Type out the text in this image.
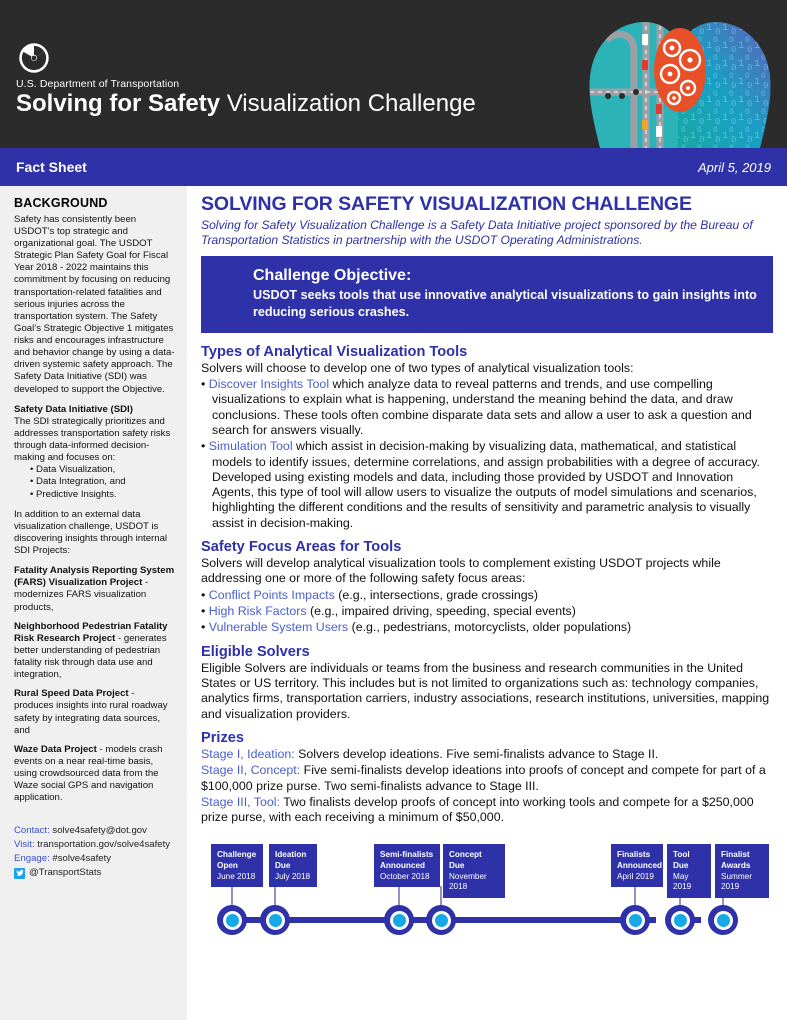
U.S. Department of Transportation
Solving for Safety Visualization Challenge
Fact Sheet	April 5, 2019
BACKGROUND
Safety has consistently been USDOT’s top strategic and organizational goal. The USDOT Strategic Plan Safety Goal for Fiscal Year 2018 - 2022 maintains this commitment by focusing on reducing transportation-related fatalities and serious injuries across the transportation system. The Safety Goal’s Strategic Objective 1 mitigates risks and encourages infrastructure and behavior change by using a data-driven systemic safety approach. The Safety Data Initiative (SDI) was developed to support the Objective.
Safety Data Initiative (SDI)
The SDI strategically prioritizes and addresses transportation safety risks through data-informed decision-making and focuses on:
• Data Visualization,
• Data Integration, and
• Predictive Insights.
In addition to an external data visualization challenge, USDOT is discovering insights through internal SDI Projects:
Fatality Analysis Reporting System (FARS) Visualization Project - modernizes FARS visualization products,
Neighborhood Pedestrian Fatality Risk Research Project - generates better understanding of pedestrian fatality risk through data use and integration,
Rural Speed Data Project - produces insights into rural roadway safety by integrating data sources, and
Waze Data Project - models crash events on a near real-time basis, using crowdsourced data from the Waze social GPS and navigation application.
Contact: solve4safety@dot.gov
Visit: transportation.gov/solve4safety
Engage: #solve4safety
@TransportStats
SOLVING FOR SAFETY VISUALIZATION CHALLENGE
Solving for Safety Visualization Challenge is a Safety Data Initiative project sponsored by the Bureau of Transportation Statistics in partnership with the USDOT Operating Administrations.
Challenge Objective:
USDOT seeks tools that use innovative analytical visualizations to gain insights into reducing serious crashes.
Types of Analytical Visualization Tools
Solvers will choose to develop one of two types of analytical visualization tools:
• Discover Insights Tool which analyze data to reveal patterns and trends, and use compelling visualizations to explain what is happening, understand the meaning behind the data, and draw conclusions. These tools often combine disparate data sets and allow a user to ask a question and search for answers visually.
• Simulation Tool which assist in decision-making by visualizing data, mathematical, and statistical models to identify issues, determine correlations, and assign probabilities with a degree of accuracy. Developed using existing models and data, including those provided by USDOT and Innovation Agents, this type of tool will allow users to visualize the outputs of model simulations and scenarios, highlighting the different conditions and the results of sensitivity and parametric analysis to visually assist in decision-making.
Safety Focus Areas for Tools
Solvers will develop analytical visualization tools to complement existing USDOT projects while addressing one or more of the following safety focus areas:
• Conflict Points Impacts (e.g., intersections, grade crossings)
• High Risk Factors (e.g., impaired driving, speeding, special events)
• Vulnerable System Users (e.g., pedestrians, motorcyclists, older populations)
Eligible Solvers
Eligible Solvers are individuals or teams from the business and research communities in the United States or US territory. This includes but is not limited to organizations such as: technology companies, analytics firms, transportation carriers, industry associations, research institutions, universities, mapping and visualization providers.
Prizes
Stage I, Ideation: Solvers develop ideations. Five semi-finalists advance to Stage II.
Stage II, Concept: Five semi-finalists develop ideations into proofs of concept and compete for part of a $100,000 prize purse. Two semi-finalists advance to Stage III.
Stage III, Tool: Two finalists develop proofs of concept into working tools and compete for a $250,000 prize purse, with each receiving a minimum of $50,000.
Challenge
Open
June 2018
Ideation
Due
July 2018
Semi-finalists
Announced
October 2018
Concept
Due
November 2018
Finalists
Announced
April 2019
Tool
Due
May 2019
Finalist
Awards
Summer 2019
